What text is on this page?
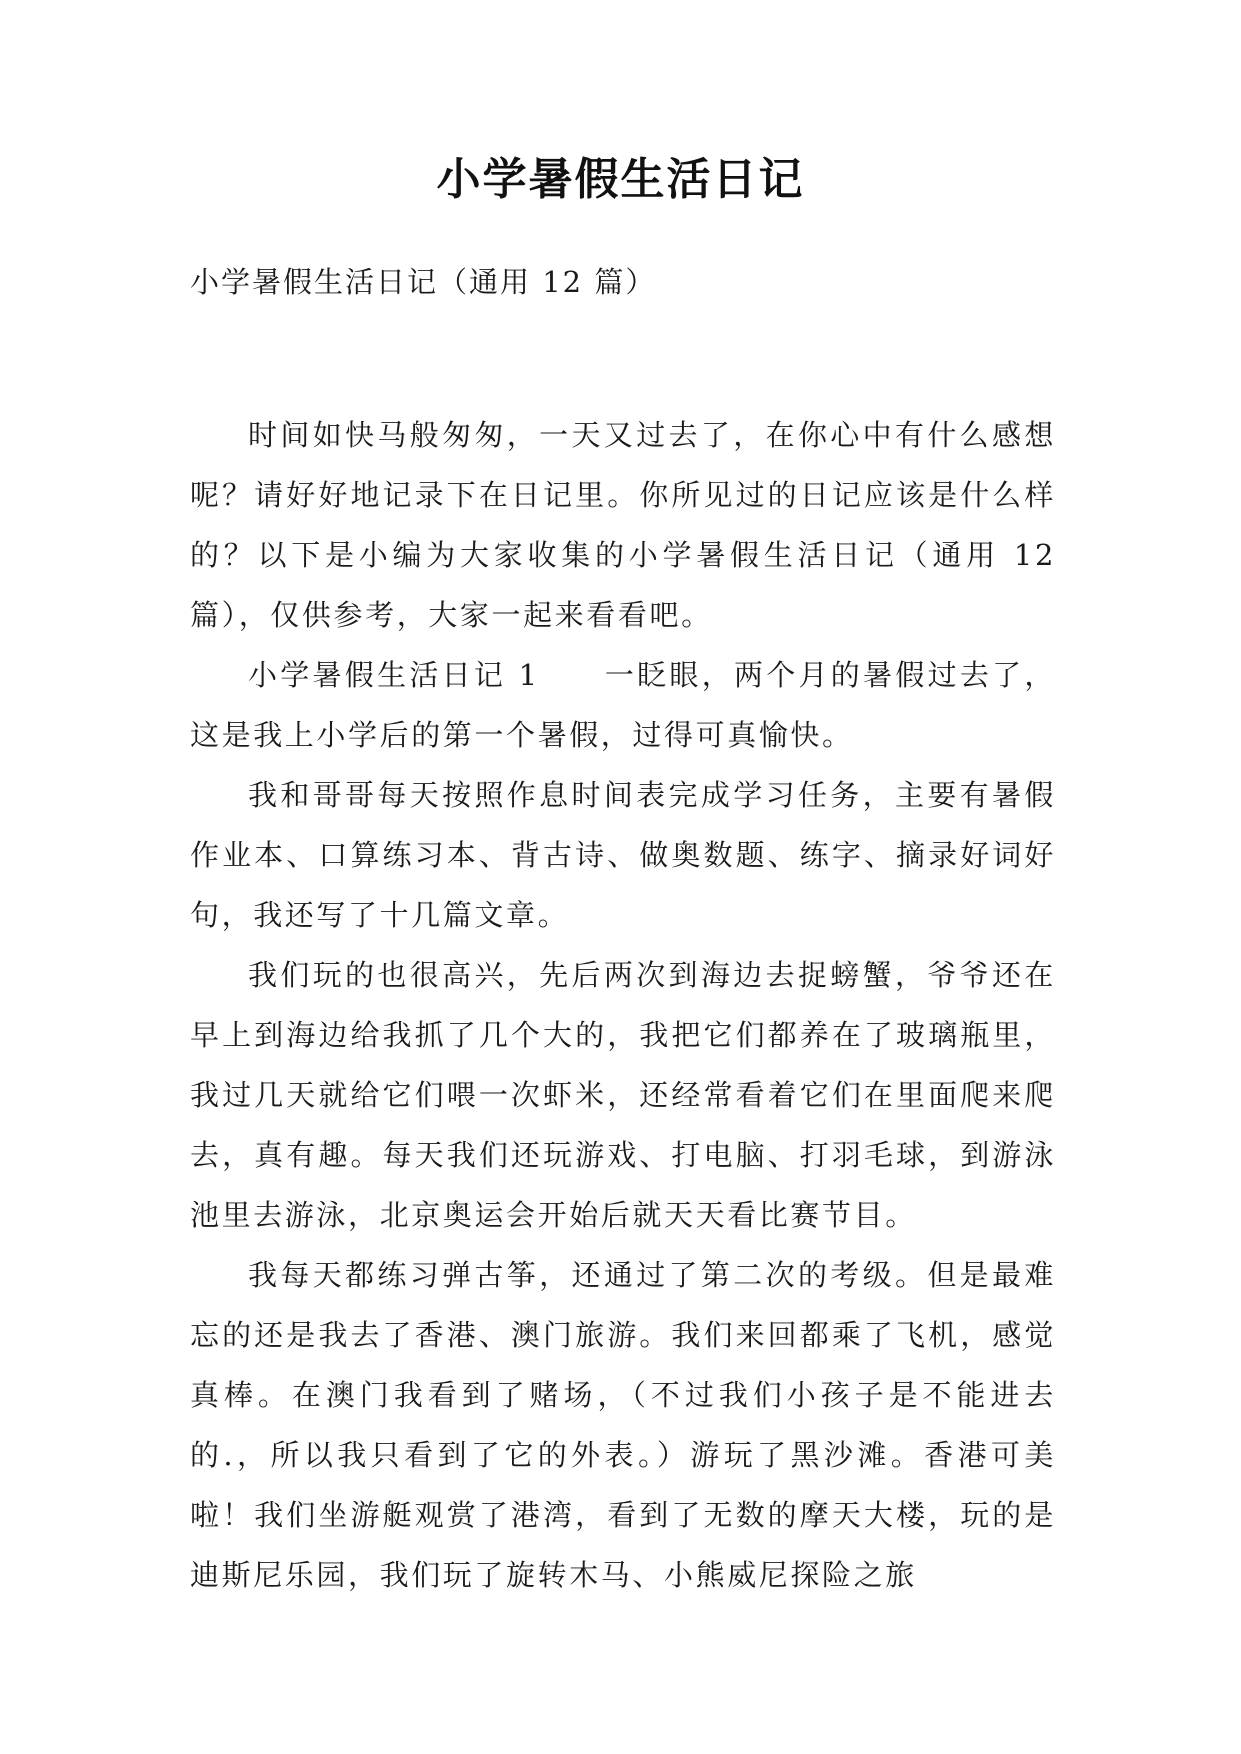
小学暑假生活日记
小学暑假生活日记（通用 12 篇）

时间如快马般匆匆，一天又过去了，在你心中有什么感想呢？请好好地记录下在日记里。你所见过的日记应该是什么样的？以下是小编为大家收集的小学暑假生活日记（通用 12 篇），仅供参考，大家一起来看看吧。

小学暑假生活日记 1　　一眨眼，两个月的暑假过去了，这是我上小学后的第一个暑假，过得可真愉快。

我和哥哥每天按照作息时间表完成学习任务，主要有暑假作业本、口算练习本、背古诗、做奥数题、练字、摘录好词好句，我还写了十几篇文章。

我们玩的也很高兴，先后两次到海边去捉螃蟹，爷爷还在早上到海边给我抓了几个大的，我把它们都养在了玻璃瓶里，我过几天就给它们喂一次虾米，还经常看着它们在里面爬来爬去，真有趣。每天我们还玩游戏、打电脑、打羽毛球，到游泳池里去游泳，北京奥运会开始后就天天看比赛节目。

我每天都练习弹古筝，还通过了第二次的考级。但是最难忘的还是我去了香港、澳门旅游。我们来回都乘了飞机，感觉真棒。在澳门我看到了赌场，（不过我们小孩子是不能进去的.，所以我只看到了它的外表。）游玩了黑沙滩。香港可美啦！我们坐游艇观赏了港湾，看到了无数的摩天大楼，玩的是迪斯尼乐园，我们玩了旋转木马、小熊威尼探险之旅
